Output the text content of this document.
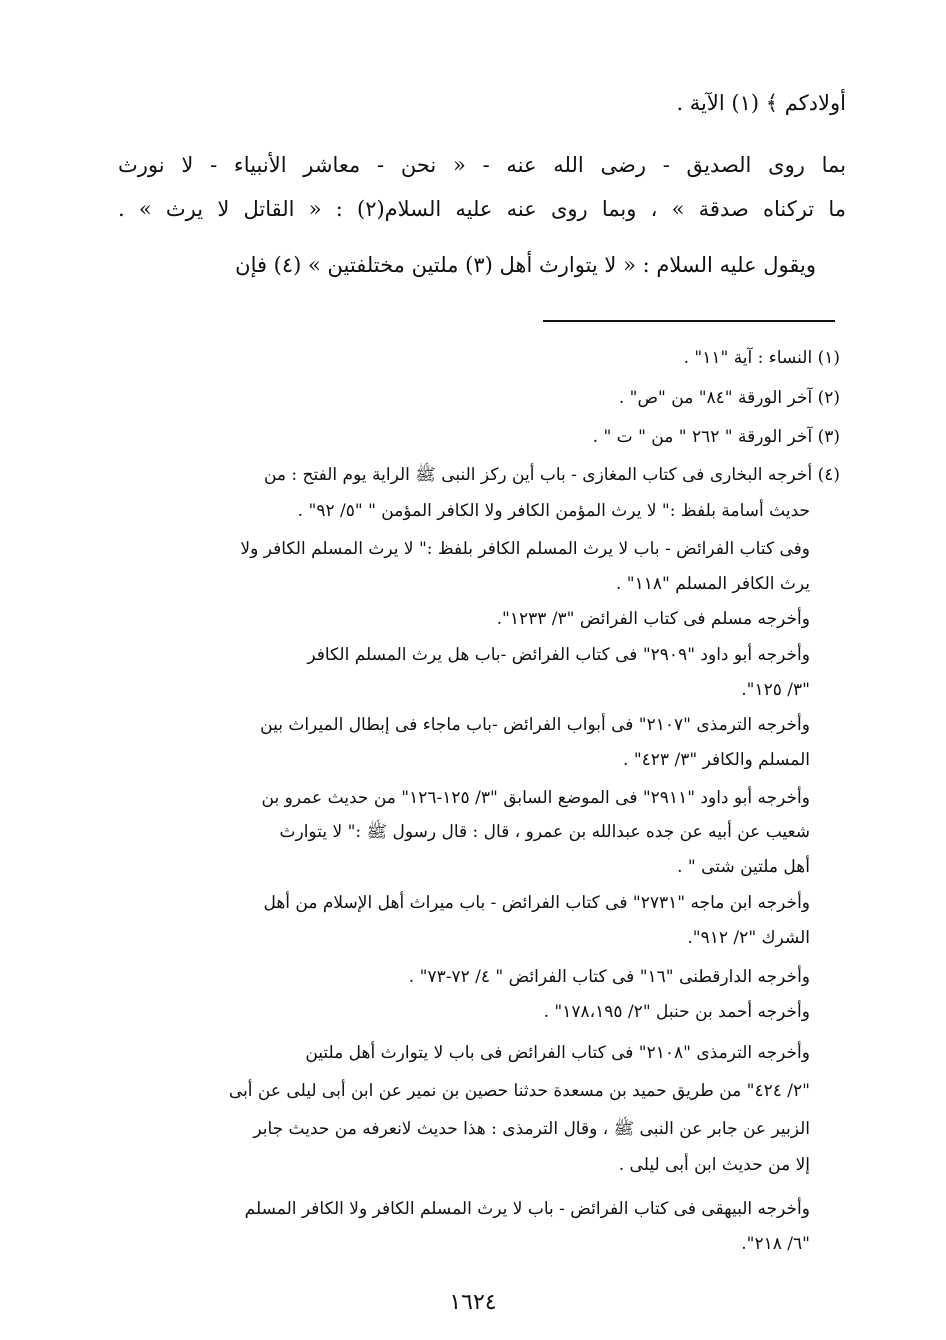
أولادكم ﴾ (١) الآية .
بما روى الصديق - رضى الله عنه - « نحن - معاشر الأنبياء - لا نورث
ما تركناه صدقة » ، وبما روى عنه عليه السلام(٢) : « القاتل لا يرث » .
ويقول عليه السلام : « لا يتوارث أهل (٣) ملتين مختلفتين » (٤) فإن
(١) النساء : آية "١١" .
(٢) آخر الورقة "٨٤" من "ص" .
(٣) آخر الورقة " ٢٦٢ " من " ت " .
(٤) أخرجه البخارى فى كتاب المغازى - باب أين ركز النبى ﷺ الراية يوم الفتح : من
حديث أسامة بلفظ :" لا يرث المؤمن الكافر ولا الكافر المؤمن " "٥/ ٩٢" .
وفى كتاب الفرائض - باب لا يرث المسلم الكافر بلفظ :" لا يرث المسلم الكافر ولا
يرث الكافر المسلم "١١٨" .
وأخرجه مسلم فى كتاب الفرائض "٣/ ١٢٣٣".
وأخرجه أبو داود "٢٩٠٩" فى كتاب الفرائض -باب هل يرث المسلم الكافر
"٣/ ١٢٥".
وأخرجه الترمذى "٢١٠٧" فى أبواب الفرائض -باب ماجاء فى إبطال الميراث بين
المسلم والكافر "٣/ ٤٢٣" .
وأخرجه أبو داود "٢٩١١" فى الموضع السابق "٣/ ١٢٥-١٢٦" من حديث عمرو بن
شعيب عن أبيه عن جده عبدالله بن عمرو ، قال : قال رسول ﷺ :" لا يتوارث
أهل ملتين شتى " .
وأخرجه ابن ماجه "٢٧٣١" فى كتاب الفرائض - باب ميراث أهل الإسلام من أهل
الشرك "٢/ ٩١٢".
وأخرجه الدارقطنى "١٦" فى كتاب الفرائض " ٤/ ٧٢-٧٣" .
وأخرجه أحمد بن حنبل "٢/ ١٧٨،١٩٥" .
وأخرجه الترمذى "٢١٠٨" فى كتاب الفرائض فى باب لا يتوارث أهل ملتين
"٢/ ٤٢٤" من طريق حميد بن مسعدة حدثنا حصين بن نمير عن ابن أبى ليلى عن أبى
الزبير عن جابر عن النبى ﷺ ، وقال الترمذى : هذا حديث لانعرفه من حديث جابر
إلا من حديث ابن أبى ليلى .
وأخرجه البيهقى فى كتاب الفرائض - باب لا يرث المسلم الكافر ولا الكافر المسلم
"٦/ ٢١٨".
١٦٢٤
